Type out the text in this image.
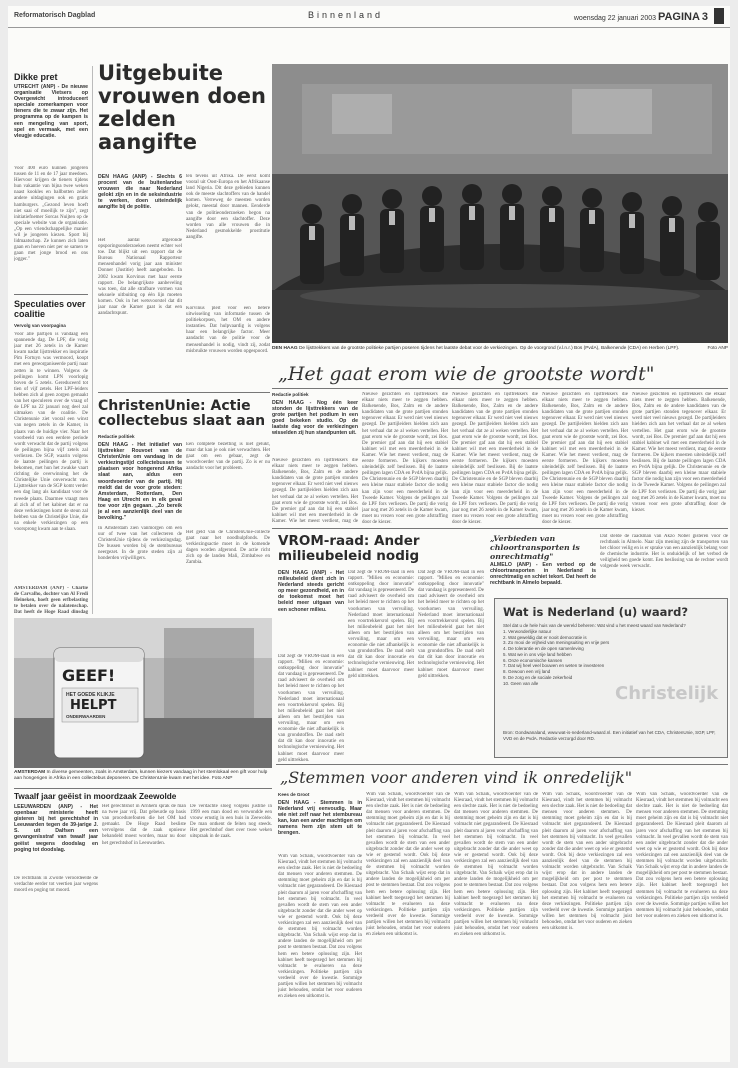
Reformatorisch Dagblad	Binnenland	woensdag 22 januari 2003 PAGINA 3
Dikke pret
UTRECHT (ANP) - De nieuwe organisatie Vietsers op Overgewicht introduceert speciale zomerkampen voor tieners die te zwaar zijn. Het programma op de kampen is een mengeling van sport, spel en vermaak, met een vleugje educatie.
Voor 400 euro kunnen jongeren tussen de 11 en de 17 jaar meedoen. Hiervoor krijgen de tieners tijdens hun vakantie van bijna twee weken naast kookles en ballbotten zeiler andere uitdagingen ook en gratis hamburgers. „Gezond leven hoeft niet saai of moeilijk te zijn", zegt initiatiefnemer Sorcas Nuijten op de speciale website van de organisatie. „Op een vriendschappelijke manier wil je jongeren kiezen. Sport bij lidmaatschap. Ze kunnen zich laten gaan en hoeven niet per se samen te gaan met jonge brood en ons jogger."
Speculaties over coalitie
Vervolg van voorpagina
Voor alle partijen is vandaag een spannende dag. De LPF, die vorig jaar met 26 zetels in de Kamer kwam nadat lijsttrekker en inspiratie Pim Fortuyn was vermoord, koopt met een gereorganiseerde partij naar zetten in te winnen. Volgens de peilingen komt LPN voorlopig boven de 5 zetels. Gereduceerd tot tien of vijf zetels. Het LPF-leiders hebben zich al geen zorgen gemaakt van het speculeren over de vraag of de LPF na 22 januari nog deel zal uitmaken van de coalitie. De Christenunie ziet vooral een winst van negen zetels in de Kamer, in plaats van de huidige vier. Naar het voorbeeld van een eerdere periode wordt verwacht dat de partij volgens de peilingen bijna vijf zetels zal verliezen. De SGP, waarin volgens de laatste peilingen de partij is bekomen, met hun het zwakke vaart richting de overwinning het de Christelijke Unie onverwacht van. Lijsttrekker van de SGP komt verder een dag lang als kandidaat voor de tweede plaats. Daarmee vraagt men al zich af of het kabinet dat er na deze verkiezingen komt de steun zal hebben van de Christelijke Unie, die na enkele verkiezingen op een voorsprong kwam aan te slaan.
AMSTERDAM (ANP) - Charlie de Carvalho, dochter van Al Fredi Heineken, hoeft geen erfbelasting te betalen over de nalatenschap. Dat heeft de Hoge Raad dinsdag
Uitgebuite vrouwen doen zelden aangifte
DEN HAAG (ANP) - Slechts 6 procent van de buitenlandse vrouwen die naar Nederland gelokt zijn en in de seksindustrie te werken, doen uiteindelijk aangifte bij de politie.
Het aantal afgeronde opsporingsonderzoeken neemt echter wel toe. Dat blijkt uit een rapport dat de Bureau Nationaal Rapporteur mensenhandel vorig jaar aan minister Donner (Justitie) heeft aangeboden. In 2002 kwam Korvinus met haar eerste rapport. De belangrijkste aanbeveling was toen, dat alle strafbare vormen van seksuele uitbuiting op één lijn moeten komen. Ook in het wetsvoorstel dat dit jaar naar de Kamer gaat is dat een aandachtspunt.
ten tevens uit Afrika. De eerst komt vooral uit Oost-Europa en het Afrikaanse land Nigeria. Dit deze gebieden kunnen ook de meeste slachtoffers van de handel komen. Verreweg de meesten worden gelokt, meestal door mannen. Eenderde van de politieonderzoeken begon na aangifte door een slachtoffer. Deze worden van alle vrouwen die in Nederland gesmokkelde prostitutie aangifte.
Korvinus pleit voor een betere uitwisseling van informatie tussen de politiekorpsen, het OM en andere instanties. Dat hulpvaardig is volgens haar een belangrijke factor. Meer aandacht van de politie voor de mensenhandel is nodig, vindt zij, zodat misbruikte vrouwen worden opgespoord.
ChristenUnie: Actie collectebus slaat aan
Redactie politiek
DEN HAAG - Het initiatief van lijsttrekker Rouvoet van de ChristenUnie om vandaag in de verkiezingstijd collectebussen te plaatsen voor hongerend Afrika slaat aan, aldus een woordvoerder van de partij. Hij meldt dat de voor grote steden: Amsterdam, Rotterdam, Den Haag en Utrecht en in elk geval toe voor zijn gegaan. „Zo bereik je al een aanzienlijk deel van de bevolking."
In Amsterdam zien vanmorgen om een uur of twee van het collecteren de ChristenUnie tijdens de verkiezingsdag. De bussen worden bij de stembureaus neergezet. In de grote steden zijn al honderden vrijwilligers.
Een complete bezetting is niet gelukt, maar dat kan je ook niet verwachten. Het gaat om een gebaar, zegt de woordvoerder van de partij. Zo is er nu aandacht voor het probleem.
Het geld van de ChristenUnie-collecte gaat naar het noodhulpfonds. De verkiezingsactie moet in de komende dagen worden afgerond. De actie richt zich op de landen Mali, Zimbabwe en Zambia.
DEN HAAG De lijsttrekkers van de grootste politieke partijen poseren tijdens het laatste debat voor de verkiezingen. Op de voorgrond (v.l.n.r.) Bos (PvdA), Balkenende (CDA) en Herben (LPF).	Foto ANP
„Het gaat erom wie de grootste wordt"
Redactie politiek
DEN HAAG - Nog één keer stonden de lijsttrekkers van de grote partijen het podium in een goed bekeken studio. Op de laatste dag voor de verkiezingen wisselden zij hun standpunten uit.
Nieuwe gezichten en lijsttrekkers die elkaar niets meer te zeggen hebben. Balkenende, Bos, Zalm en de andere kandidaten van de grote partijen stonden tegenover elkaar. Er werd niet veel nieuws gezegd. De partijleiders hielden zich aan het verhaal dat ze al weken vertellen. Het gaat erom wie de grootste wordt, zei Bos. De premier gaf aan dat hij een stabiel kabinet wil met een meerderheid in de Kamer. Wie het meest verdient, mag de
Nieuwe gezichten en lijsttrekkers die elkaar niets meer te zeggen hebben. Balkenende, Bos, Zalm en de andere kandidaten van de grote partijen stonden tegenover elkaar. Er werd niet veel nieuws gezegd. De partijleiders hielden zich aan het verhaal dat ze al weken vertellen. Het gaat erom wie de grootste wordt, zei Bos. De premier gaf aan dat hij een stabiel kabinet wil met een meerderheid in de Kamer. Wie het meest verdient, mag de eerste formeren. De kijkers moesten uiteindelijk zelf beslissen. Bij de laatste peilingen lagen CDA en PvdA bijna gelijk. De Christenunie en de SGP bleven daarbij een kleine maar stabiele factor die nodig kan zijn voor een meerderheid in de Tweede Kamer. Volgens de peilingen zal de LPF fors verliezen. De partij die vorig jaar nog met 26 zetels in de Kamer kwam, moet nu vrezen voor een grote afstraffing door de kiezer.
Nieuwe gezichten en lijsttrekkers die elkaar niets meer te zeggen hebben. Balkenende, Bos, Zalm en de andere kandidaten van de grote partijen stonden tegenover elkaar. Er werd niet veel nieuws gezegd. De partijleiders hielden zich aan het verhaal dat ze al weken vertellen. Het gaat erom wie de grootste wordt, zei Bos. De premier gaf aan dat hij een stabiel kabinet wil met een meerderheid in de Kamer. Wie het meest verdient, mag de eerste formeren. De kijkers moesten uiteindelijk zelf beslissen. Bij de laatste peilingen lagen CDA en PvdA bijna gelijk. De Christenunie en de SGP bleven daarbij een kleine maar stabiele factor die nodig kan zijn voor een meerderheid in de Tweede Kamer. Volgens de peilingen zal de LPF fors verliezen. De partij die vorig jaar nog met 26 zetels in de Kamer kwam, moet nu vrezen voor een grote afstraffing door de kiezer.
Nieuwe gezichten en lijsttrekkers die elkaar niets meer te zeggen hebben. Balkenende, Bos, Zalm en de andere kandidaten van de grote partijen stonden tegenover elkaar. Er werd niet veel nieuws gezegd. De partijleiders hielden zich aan het verhaal dat ze al weken vertellen. Het gaat erom wie de grootste wordt, zei Bos. De premier gaf aan dat hij een stabiel kabinet wil met een meerderheid in de Kamer. Wie het meest verdient, mag de eerste formeren. De kijkers moesten uiteindelijk zelf beslissen. Bij de laatste peilingen lagen CDA en PvdA bijna gelijk. De Christenunie en de SGP bleven daarbij een kleine maar stabiele factor die nodig kan zijn voor een meerderheid in de Tweede Kamer. Volgens de peilingen zal de LPF fors verliezen. De partij die vorig jaar nog met 26 zetels in de Kamer kwam, moet nu vrezen voor een grote afstraffing door de kiezer.
Nieuwe gezichten en lijsttrekkers die elkaar niets meer te zeggen hebben. Balkenende, Bos, Zalm en de andere kandidaten van de grote partijen stonden tegenover elkaar. Er werd niet veel nieuws gezegd. De partijleiders hielden zich aan het verhaal dat ze al weken vertellen. Het gaat erom wie de grootste wordt, zei Bos. De premier gaf aan dat hij een stabiel kabinet wil met een meerderheid in de Kamer. Wie het meest verdient, mag de eerste formeren. De kijkers moesten uiteindelijk zelf beslissen. Bij de laatste peilingen lagen CDA en PvdA bijna gelijk. De Christenunie en de SGP bleven daarbij een kleine maar stabiele factor die nodig kan zijn voor een meerderheid in de Tweede Kamer. Volgens de peilingen zal de LPF fors verliezen. De partij die vorig jaar nog met 26 zetels in de Kamer kwam, moet nu vrezen voor een grote afstraffing door de kiezer.
VROM-raad: Ander milieubeleid nodig
DEN HAAG (ANP) - Het milieubeleid dient zich in Nederland steeds gericht op meer gezondheid, en in de toekomst moet het beleid meer uitgaan van een schoner milieu.
Dat zegt de VROM-raad in een rapport. "Milieu en economie: ontkoppeling door innovatie" dat vandaag is gepresenteerd. De raad adviseert de overheid om het beleid meer te richten op het voorkomen van vervuiling. Nederland moet internationaal een voortrekkersrol spelen. Bij het milieubeleid gaat het niet alleen om het bestrijden van vervuiling, maar om een economie die niet afhankelijk is van grondstoffen. De raad stelt dat dit kan door innovatie en technologische vernieuwing. Het kabinet moet daarvoor meer geld uittrekken.
Dat zegt de VROM-raad in een rapport. "Milieu en economie: ontkoppeling door innovatie" dat vandaag is gepresenteerd. De raad adviseert de overheid om het beleid meer te richten op het voorkomen van vervuiling. Nederland moet internationaal een voortrekkersrol spelen. Bij het milieubeleid gaat het niet alleen om het bestrijden van vervuiling, maar om een economie die niet afhankelijk is van grondstoffen. De raad stelt dat dit kan door innovatie en technologische vernieuwing. Het kabinet moet daarvoor meer geld uittrekken.
Dat zegt de VROM-raad in een rapport. "Milieu en economie: ontkoppeling door innovatie" dat vandaag is gepresenteerd. De raad adviseert de overheid om het beleid meer te richten op het voorkomen van vervuiling. Nederland moet internationaal een voortrekkersrol spelen. Bij het milieubeleid gaat het niet alleen om het bestrijden van vervuiling, maar om een economie die niet afhankelijk is van grondstoffen. De raad stelt dat dit kan door innovatie en technologische vernieuwing. Het kabinet moet daarvoor meer geld uittrekken.
„Verbieden van chloortransporten is onrechtmatig"
ALMELO (ANP) - Een verbod op de chloortransporten in Nederland is onrechtmatig en schiet tekort. Dat heeft de rechtbank in Almelo bepaald.
Dat stelde de raadsman van Akzo Nobel gisteren voor de rechtbank in Almelo. Naar zijn mening zijn de transporten van het chloor veilig en is er sprake van een aanzienlijk belang voor de chemische industrie. Het is onduidelijk of het verbod de veiligheid ten goede komt. Een beslissing van de rechter wordt volgende week verwacht.
Wat is Nederland (u) waard?
Stel dat u de hele huis van de wereld beheren: Wat vind u het meest waard van Nederland?
1. Verwonderlijke natuur
2. Wat geweldig dat er nooit democratie is
3. Zo mooi de vrijheid van meningsuiting en vrije pers
4. De tolerantie en de open samenleving
5. Wat we in ons vrije land hebben
6. Onze economische kansen
7. Dat wij heel veel bouwen en weten te investeren
8. Gewoon een vrij land
9. De zorg en de sociale zekerheid
10. Geen van alle	Christelijk
Bron: Gondwanaland, www.wat-is-nederland-waard.nl. Een initiatief van het CDA, ChristenUnie, SGP, LPF, VVD en de PvdA. Redactie verzorgd door RD.
GEEF!
HET GOEDE KLIKJE
HELPT
ONDERWAARDEN
AMSTERDAM In diverse gemeenten, zoals in Amsterdam, kunnen kiezers vandaag in het stemlokaal een gift voor hulp aan hongerigen in Afrika in een collectebus deponeren. De ChristenUnie kwam met het idee. Foto ANP
Twaalf jaar geëist in moordzaak Zeewolde
LEEUWARDEN (ANP) - Het openbaar ministerie heeft gisteren bij het gerechtshof in Leeuwarden tegen de 39-jarige J. S. uit Dalfsen een gevangenisstraf van twaalf jaar geëist wegens doodslag en poging tot doodslag.
De rechtbank in Zwolle veroordeelde de verdachte eerder tot veertien jaar wegens moord en poging tot moord.
Het gerechtshof in Arnhem sprak de man na twee jaar vrij. Dat gebeurde op basis van procedurefouten die het OM had gemaakt. De Hoge Raad besliste vervolgens dat de zaak opnieuw behandeld moest worden, maar nu door het gerechtshof in Leeuwarden.
De verdachte sloeg volgens justitie in 1999 een man dood en verwondde een vrouw ernstig in een huis in Zeewolde. De man ontkent de feiten nog steeds. Het gerechtshof doet over twee weken uitspraak in de zaak.
„Stemmen voor anderen vind ik onredelijk"
Kees de Groot
DEN HAAG - Stemmen is in Nederland vrij eenvoudig. Maar wie niet zelf naar het stembureau kan, kan een ander machtigen om namens hem zijn stem uit te brengen.
Wim van Schaik, woordvoerder van de Kiesraad, vindt het stemmen bij volmacht een slechte zaak. Het is niet de bedoeling dat mensen voor anderen stemmen. De stemming moet geheim zijn en dat is bij volmacht niet gegarandeerd. De Kiesraad pleit daarom al jaren voor afschaffing van het stemmen bij volmacht. In veel gevallen wordt de stem van een ander uitgebracht zonder dat die ander weet op wie er gestemd wordt. Ook bij deze verkiezingen zal een aanzienlijk deel van de stemmen bij volmacht worden uitgebracht. Van Schaik wijst erop dat in andere landen de mogelijkheid om per post te stemmen bestaat. Dat zou volgens hem een betere oplossing zijn. Het kabinet heeft toegezegd het stemmen bij volmacht te evalueren na deze verkiezingen. Politieke partijen zijn verdeeld over de kwestie. Sommige partijen willen het stemmen bij volmacht juist behouden, omdat het voor ouderen en zieken een uitkomst is.
Wim van Schaik, woordvoerder van de Kiesraad, vindt het stemmen bij volmacht een slechte zaak. Het is niet de bedoeling dat mensen voor anderen stemmen. De stemming moet geheim zijn en dat is bij volmacht niet gegarandeerd. De Kiesraad pleit daarom al jaren voor afschaffing van het stemmen bij volmacht. In veel gevallen wordt de stem van een ander uitgebracht zonder dat die ander weet op wie er gestemd wordt. Ook bij deze verkiezingen zal een aanzienlijk deel van de stemmen bij volmacht worden uitgebracht. Van Schaik wijst erop dat in andere landen de mogelijkheid om per post te stemmen bestaat. Dat zou volgens hem een betere oplossing zijn. Het kabinet heeft toegezegd het stemmen bij volmacht te evalueren na deze verkiezingen. Politieke partijen zijn verdeeld over de kwestie. Sommige partijen willen het stemmen bij volmacht juist behouden, omdat het voor ouderen en zieken een uitkomst is.
Wim van Schaik, woordvoerder van de Kiesraad, vindt het stemmen bij volmacht een slechte zaak. Het is niet de bedoeling dat mensen voor anderen stemmen. De stemming moet geheim zijn en dat is bij volmacht niet gegarandeerd. De Kiesraad pleit daarom al jaren voor afschaffing van het stemmen bij volmacht. In veel gevallen wordt de stem van een ander uitgebracht zonder dat die ander weet op wie er gestemd wordt. Ook bij deze verkiezingen zal een aanzienlijk deel van de stemmen bij volmacht worden uitgebracht. Van Schaik wijst erop dat in andere landen de mogelijkheid om per post te stemmen bestaat. Dat zou volgens hem een betere oplossing zijn. Het kabinet heeft toegezegd het stemmen bij volmacht te evalueren na deze verkiezingen. Politieke partijen zijn verdeeld over de kwestie. Sommige partijen willen het stemmen bij volmacht juist behouden, omdat het voor ouderen en zieken een uitkomst is.
Wim van Schaik, woordvoerder van de Kiesraad, vindt het stemmen bij volmacht een slechte zaak. Het is niet de bedoeling dat mensen voor anderen stemmen. De stemming moet geheim zijn en dat is bij volmacht niet gegarandeerd. De Kiesraad pleit daarom al jaren voor afschaffing van het stemmen bij volmacht. In veel gevallen wordt de stem van een ander uitgebracht zonder dat die ander weet op wie er gestemd wordt. Ook bij deze verkiezingen zal een aanzienlijk deel van de stemmen bij volmacht worden uitgebracht. Van Schaik wijst erop dat in andere landen de mogelijkheid om per post te stemmen bestaat. Dat zou volgens hem een betere oplossing zijn. Het kabinet heeft toegezegd het stemmen bij volmacht te evalueren na deze verkiezingen. Politieke partijen zijn verdeeld over de kwestie. Sommige partijen willen het stemmen bij volmacht juist behouden, omdat het voor ouderen en zieken een uitkomst is.
Wim van Schaik, woordvoerder van de Kiesraad, vindt het stemmen bij volmacht een slechte zaak. Het is niet de bedoeling dat mensen voor anderen stemmen. De stemming moet geheim zijn en dat is bij volmacht niet gegarandeerd. De Kiesraad pleit daarom al jaren voor afschaffing van het stemmen bij volmacht. In veel gevallen wordt de stem van een ander uitgebracht zonder dat die ander weet op wie er gestemd wordt. Ook bij deze verkiezingen zal een aanzienlijk deel van de stemmen bij volmacht worden uitgebracht. Van Schaik wijst erop dat in andere landen de mogelijkheid om per post te stemmen bestaat. Dat zou volgens hem een betere oplossing zijn. Het kabinet heeft toegezegd het stemmen bij volmacht te evalueren na deze verkiezingen. Politieke partijen zijn verdeeld over de kwestie. Sommige partijen willen het stemmen bij volmacht juist behouden, omdat het voor ouderen en zieken een uitkomst is.
